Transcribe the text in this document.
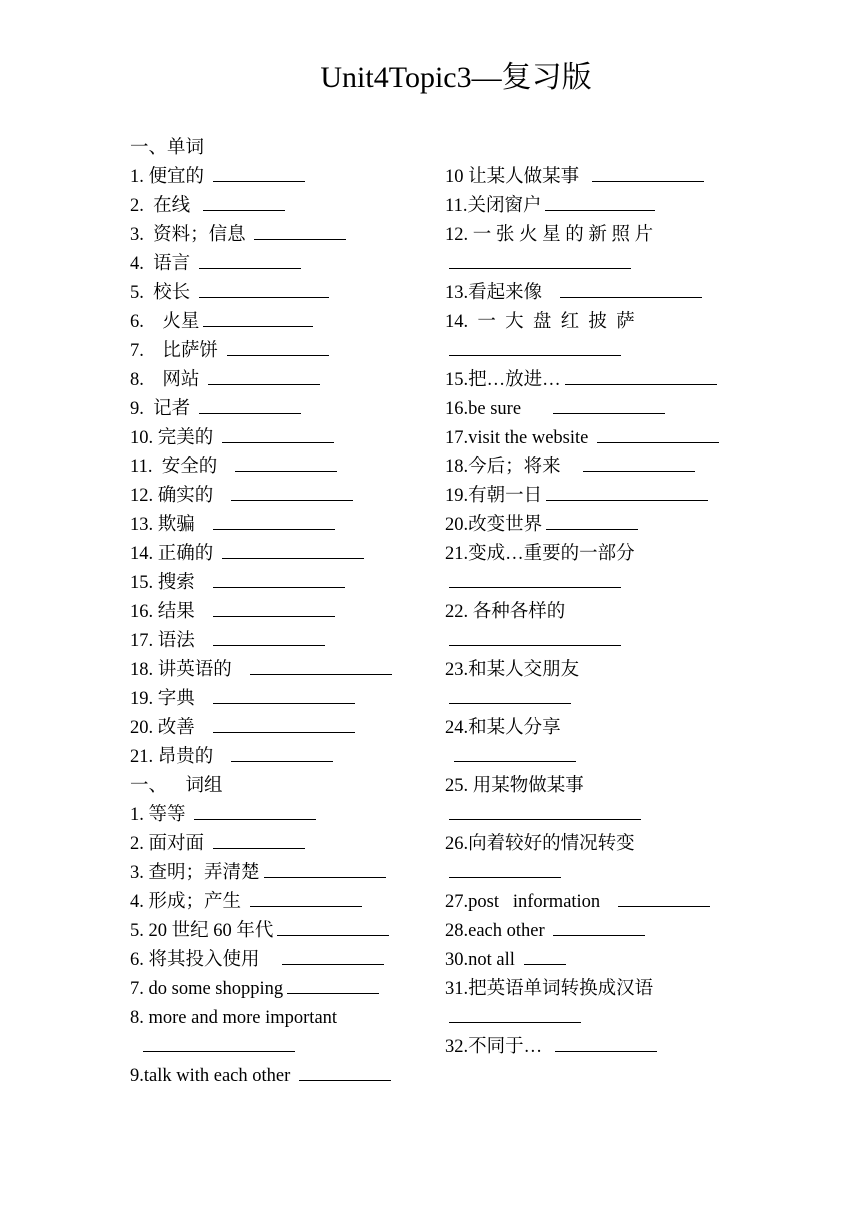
Unit4Topic3—复习版
一、单词
1. 便宜的
2.  在线
3.  资料；信息
4.  语言
5.  校长
6.    火星
7.    比萨饼
8.    网站
9.  记者
10. 完美的
11.  安全的
12. 确实的
13. 欺骗
14. 正确的
15. 搜索
16. 结果
17. 语法
18. 讲英语的
19. 字典
20. 改善
21. 昂贵的
一、    词组
1. 等等
2. 面对面
3. 查明；弄清楚
4. 形成；产生
5. 20 世纪 60 年代
6. 将其投入使用
7. do some shopping
8. more and more important

9.talk with each other
10 让某人做某事
11.关闭窗户
12. 一 张 火 星 的 新 照 片
13.看起来像
14.  一  大  盘  红  披  萨
15.把…放进…
16.be sure
17.visit the website
18.今后；将来
19.有朝一日
20.改变世界
21.变成…重要的一部分
22. 各种各样的
23.和某人交朋友
24.和某人分享

25. 用某物做某事
26.向着较好的情况转变
27.post   information
28.each other
30.not all
31.把英语单词转换成汉语
32.不同于…
